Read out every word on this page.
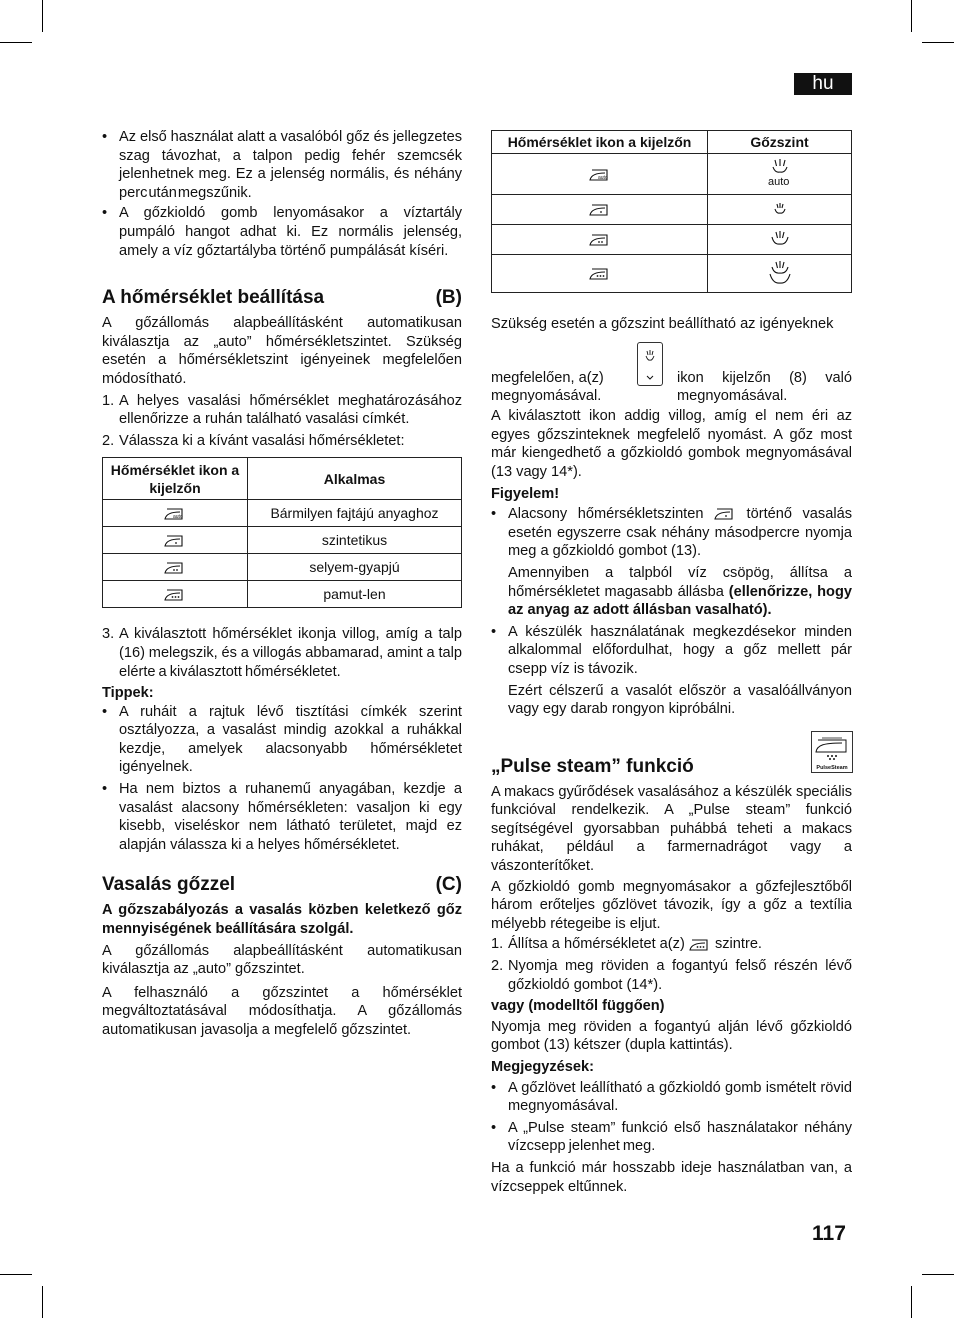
hu
117
• Az első használat alatt a vasalóból gőz és jellegzetes szag távozhat, a talpon pedig fehér szemcsék jelenhetnek meg. Ez a jelenség normális, és néhány perc után megszűnik.
• A gőzkioldó gomb lenyomásakor a víztartály pumpáló hangot adhat ki. Ez normális jelenség, amely a víz gőztartályba történő pumpálását kíséri.
A hőmérséklet beállítása	(B)

A gőzállomás alapbeállításként automatikusan kiválasztja az „auto” hőmérsékletszintet. Szükség esetén a hőmérsékletszint igényeinek megfelelően módosítható.

1. A helyes vasalási hőmérséklet meghatározásához ellenőrizze a ruhán található vasalási címkét.
2. Válassza ki a kívánt vasalási hőmérsékletet:
Hőmérséklet ikon a kijelzőn	Alkalmas

auto	Bármilyen fajtájú anyaghoz
	szintetikus
	selyem-gyapjú
	pamut-len
3. A kiválasztott hőmérséklet ikonja villog, amíg a talp (16) melegszik, és a villogás abbamarad, amint a talp elérte a kiválasztott hőmérsékletet.

Tippek:

• A ruháit a rajtuk lévő tisztítási címkék szerint osztályozza, a vasalást mindig azokkal a ruhákkal kezdje, amelyek alacsonyabb hőmérsékletet igényelnek.
• Ha nem biztos a ruhanemű anyagában, kezdje a vasalást alacsony hőmérsékleten: vasaljon ki egy kisebb, viseléskor nem látható területet, majd ez alapján válassza ki a helyes hőmérsékletet.
Vasalás gőzzel	(C)

A gőzszabályozás a vasalás közben keletkező gőz mennyiségének beállítására szolgál.

A gőzállomás alapbeállításként automatikusan kiválasztja az „auto” gőzszintet.

A felhasználó a gőzszintet a hőmérséklet megváltoztatásával módosíthatja. A gőzállomás automatikusan javasolja a megfelelő gőzszintet.

Hőmérséklet ikon a kijelzőn	Gőzszint

auto	auto

Szükség esetén a gőzszint beállítható az igényeknek

megfelelően, a(z)	ikon kijelzőn (8) való megnyomásával.

megnyomásával.

A kiválasztott ikon addig villog, amíg el nem éri az egyes gőzszinteknek megfelelő nyomást. A gőz most már kiengedhető a gőzkioldó gombok megnyomásával (13 vagy 14*).

Figyelem!

• Alacsony hőmérsékletszinten	történő vasalás esetén egyszerre csak néhány másodpercre nyomja meg a gőzkioldó gombot (13).
Amennyiben a talpból víz csöpög, állítsa a hőmérsékletet magasabb állásba (ellenőrizze, hogy az anyag az adott állásban vasalható).
• A készülék használatának megkezdésekor minden alkalommal előfordulhat, hogy a gőz mellett pár csepp víz is távozik.
Ezért célszerű a vasalót először a vasalóállványon vagy egy darab rongyon kipróbálni.
„Pulse steam” funkció

A makacs gyűrődések vasalásához a készülék speciális funkcióval rendelkezik. A „Pulse steam” funkció segítségével gyorsabban puhábbá teheti a makacs ruhákat, például a farmernadrágot vagy a vászonterítőket.

A gőzkioldó gomb megnyomásakor a gőzfejlesztőből három erőteljes gőzlövet távozik, így a gőz a textília mélyebb rétegeibe is eljut.

1. Állítsa a hőmérsékletet a(z) szintre.
2. Nyomja meg röviden a fogantyú felső részén lévő gőzkioldó gombot (14*).

vagy (modelltől függően)

Nyomja meg röviden a fogantyú alján lévő gőzkioldó gombot (13) kétszer (dupla kattintás).

Megjegyzések:

• A gőzlövet leállítható a gőzkioldó gomb ismételt rövid megnyomásával.
• A „Pulse steam” funkció első használatakor néhány vízcsepp jelenhet meg.

Ha a funkció már hosszabb ideje használatban van, a vízcseppek eltűnnek.

PulseSteam
